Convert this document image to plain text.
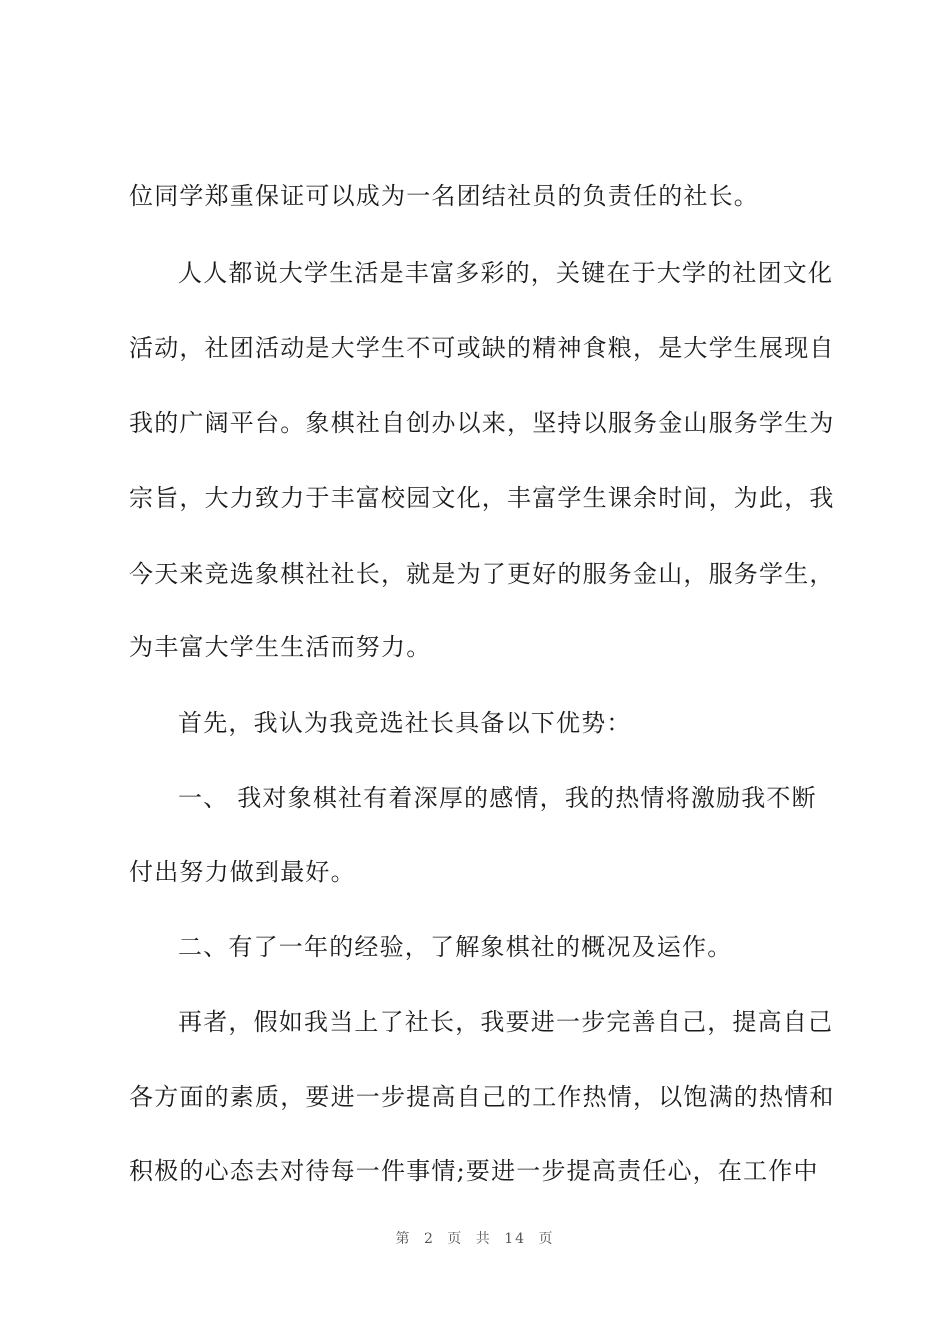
位同学郑重保证可以成为一名团结社员的负责任的社长。
人人都说大学生活是丰富多彩的，关键在于大学的社团文化
活动，社团活动是大学生不可或缺的精神食粮，是大学生展现自
我的广阔平台。象棋社自创办以来，坚持以服务金山服务学生为
宗旨，大力致力于丰富校园文化，丰富学生课余时间，为此，我
今天来竞选象棋社社长，就是为了更好的服务金山，服务学生，
为丰富大学生生活而努力。
首先，我认为我竞选社长具备以下优势：
一、 我对象棋社有着深厚的感情，我的热情将激励我不断
付出努力做到最好。
二、有了一年的经验，了解象棋社的概况及运作。
再者，假如我当上了社长，我要进一步完善自己，提高自己
各方面的素质，要进一步提高自己的工作热情，以饱满的热情和
积极的心态去对待每一件事情;要进一步提高责任心，在工作中
第 2 页 共 14 页
